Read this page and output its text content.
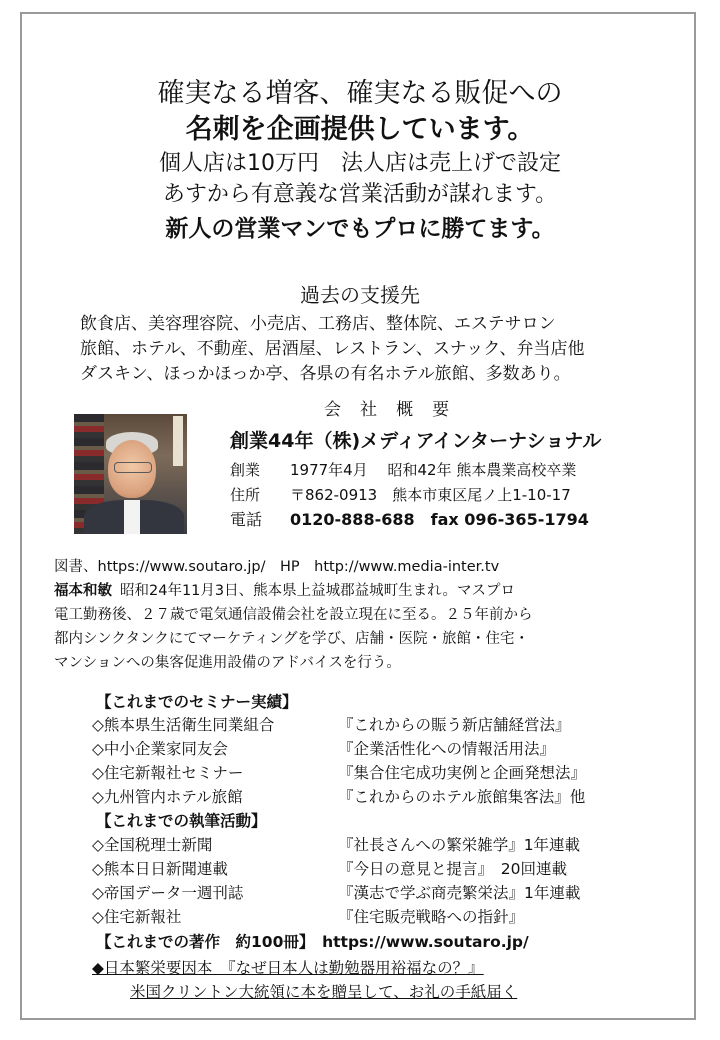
確実なる増客、確実なる販促への
名刺を企画提供しています。
個人店は10万円　法人店は売上げで設定
あすから有意義な営業活動が謀れます。
新人の営業マンでもプロに勝てます。
過去の支援先
飲食店、美容理容院、小売店、工務店、整体院、エステサロン
旅館、ホテル、不動産、居酒屋、レストラン、スナック、弁当店他
ダスキン、ほっかほっか亭、各県の有名ホテル旅館、多数あり。
会　社　概　要
創業44年（株)メディアインターナショナル
創業 1977年4月　 昭和42年 熊本農業高校卒業
住所 〒862-0913　熊本市東区尾ノ上1-10-17
電話 0120-888-688　fax 096-365-1794
図書、https://www.soutaro.jp/　HP　http://www.media-inter.tv
福本和敏 昭和24年11月3日、熊本県上益城郡益城町生まれ。マスプロ
電工勤務後、２７歳で電気通信設備会社を設立現在に至る。２５年前から
都内シンクタンクにてマーケティングを学び、店舗・医院・旅館・住宅・
マンションへの集客促進用設備のアドバイスを行う。
【これまでのセミナー実績】
◇熊本県生活衛生同業組合	『これからの賑う新店舗経営法』
◇中小企業家同友会	『企業活性化への情報活用法』
◇住宅新報社セミナー	『集合住宅成功実例と企画発想法』
◇九州管内ホテル旅館	『これからのホテル旅館集客法』他
【これまでの執筆活動】
◇全国税理士新聞	『社長さんへの繁栄雑学』1年連載
◇熊本日日新聞連載	『今日の意見と提言』　20回連載
◇帝国データ一週刊誌	『漢志で学ぶ商売繁栄法』1年連載
◇住宅新報社	『住宅販売戦略への指針』
【これまでの著作　約100冊】　https://www.soutaro.jp/
◆日本繁栄要因本　『なぜ日本人は勤勉器用裕福なの？』
米国クリントン大統領に本を贈呈して、お礼の手紙届く
